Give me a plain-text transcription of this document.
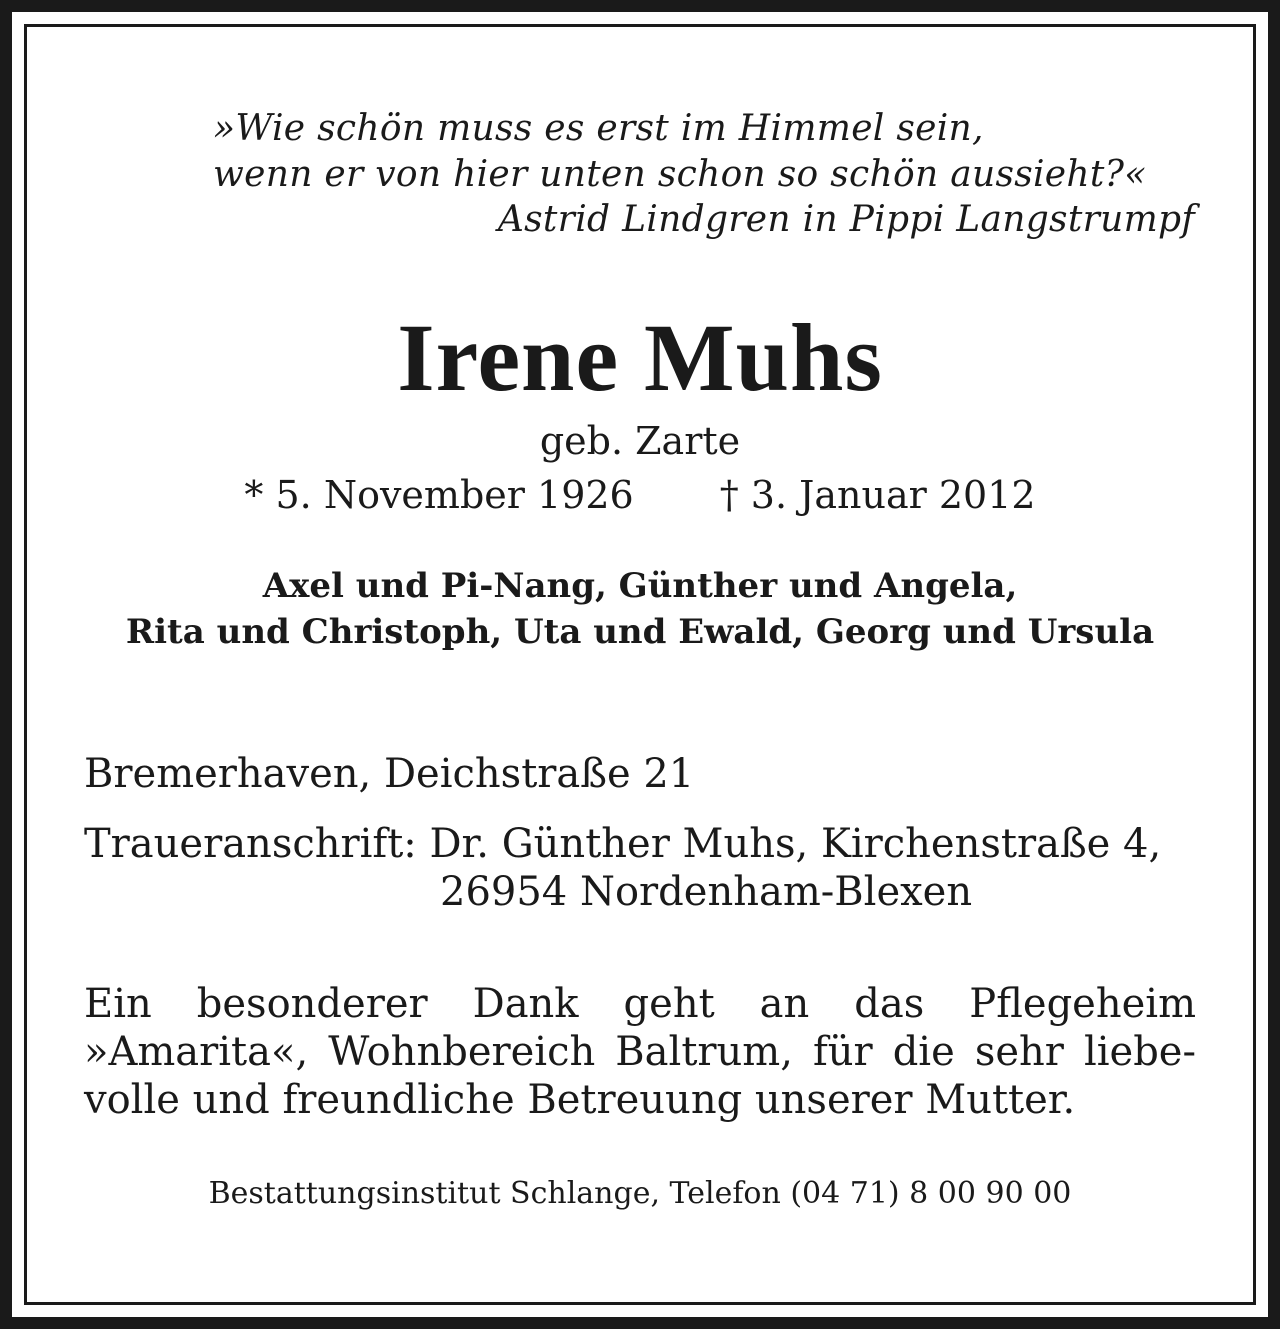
»Wie schön muss es erst im Himmel sein,

wenn er von hier unten schon so schön aussieht?«

Astrid Lindgren in Pippi Langstrumpf

Irene Muhs

geb. Zarte

* 5. November 1926 † 3. Januar 2012

Axel und Pi-Nang, Günther und Angela,

Rita und Christoph, Uta und Ewald, Georg und Ursula

Bremerhaven, Deichstraße 21

Traueranschrift: Dr. Günther Muhs, Kirchenstraße 4,

26954 Nordenham-Blexen

Ein besonderer Dank geht an das Pflegeheim

»Amarita«, Wohnbereich Baltrum, für die sehr liebe-

volle und freundliche Betreuung unserer Mutter.

Bestattungsinstitut Schlange, Telefon (04 71) 8 00 90 00
